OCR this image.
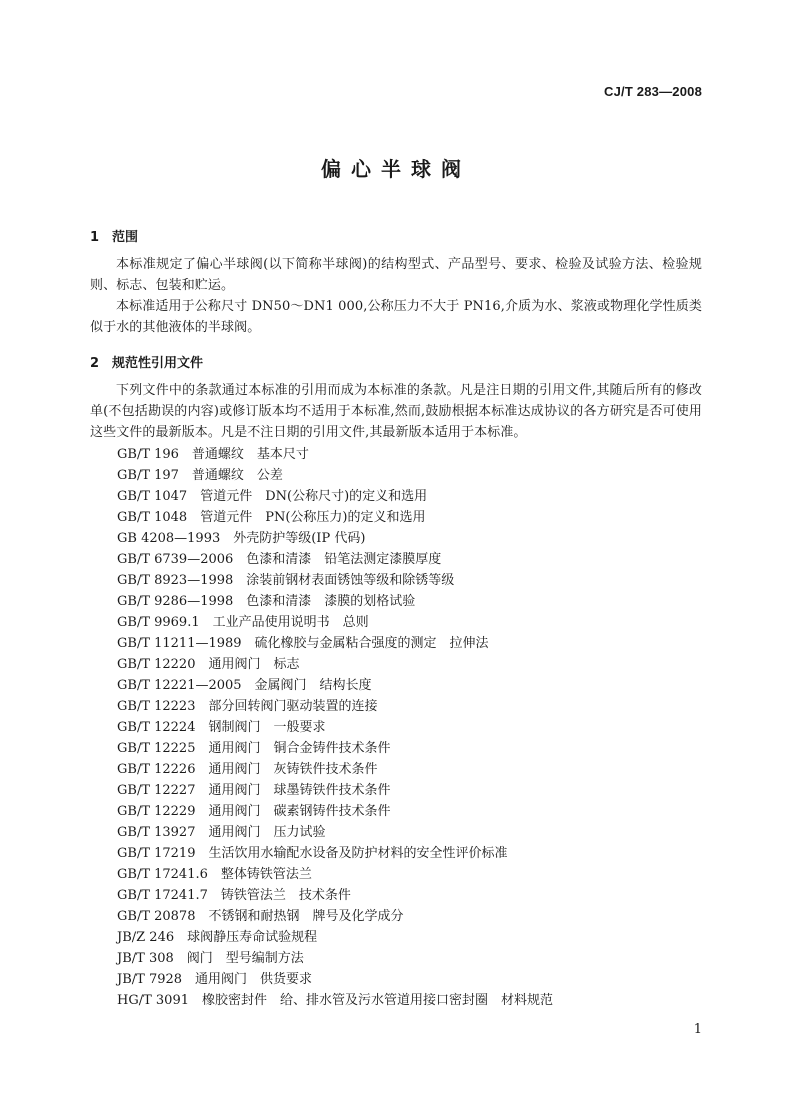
CJ/T 283—2008
偏心半球阀
1 范围
本标准规定了偏心半球阀(以下简称半球阀)的结构型式、产品型号、要求、检验及试验方法、检验规则、标志、包装和贮运。
本标准适用于公称尺寸 DN50～DN1 000,公称压力不大于 PN16,介质为水、浆液或物理化学性质类似于水的其他液体的半球阀。
2 规范性引用文件
下列文件中的条款通过本标准的引用而成为本标准的条款。凡是注日期的引用文件,其随后所有的修改单(不包括勘误的内容)或修订版本均不适用于本标准,然而,鼓励根据本标准达成协议的各方研究是否可使用这些文件的最新版本。凡是不注日期的引用文件,其最新版本适用于本标准。
GB/T 196　普通螺纹　基本尺寸
GB/T 197　普通螺纹　公差
GB/T 1047　管道元件　DN(公称尺寸)的定义和选用
GB/T 1048　管道元件　PN(公称压力)的定义和选用
GB 4208—1993　外壳防护等级(IP 代码)
GB/T 6739—2006　色漆和清漆　铅笔法测定漆膜厚度
GB/T 8923—1998　涂装前钢材表面锈蚀等级和除锈等级
GB/T 9286—1998　色漆和清漆　漆膜的划格试验
GB/T 9969.1　工业产品使用说明书　总则
GB/T 11211—1989　硫化橡胶与金属粘合强度的测定　拉伸法
GB/T 12220　通用阀门　标志
GB/T 12221—2005　金属阀门　结构长度
GB/T 12223　部分回转阀门驱动装置的连接
GB/T 12224　钢制阀门　一般要求
GB/T 12225　通用阀门　铜合金铸件技术条件
GB/T 12226　通用阀门　灰铸铁件技术条件
GB/T 12227　通用阀门　球墨铸铁件技术条件
GB/T 12229　通用阀门　碳素钢铸件技术条件
GB/T 13927　通用阀门　压力试验
GB/T 17219　生活饮用水输配水设备及防护材料的安全性评价标准
GB/T 17241.6　整体铸铁管法兰
GB/T 17241.7　铸铁管法兰　技术条件
GB/T 20878　不锈钢和耐热钢　牌号及化学成分
JB/Z 246　球阀静压寿命试验规程
JB/T 308　阀门　型号编制方法
JB/T 7928　通用阀门　供货要求
HG/T 3091　橡胶密封件　给、排水管及污水管道用接口密封圈　材料规范
1
